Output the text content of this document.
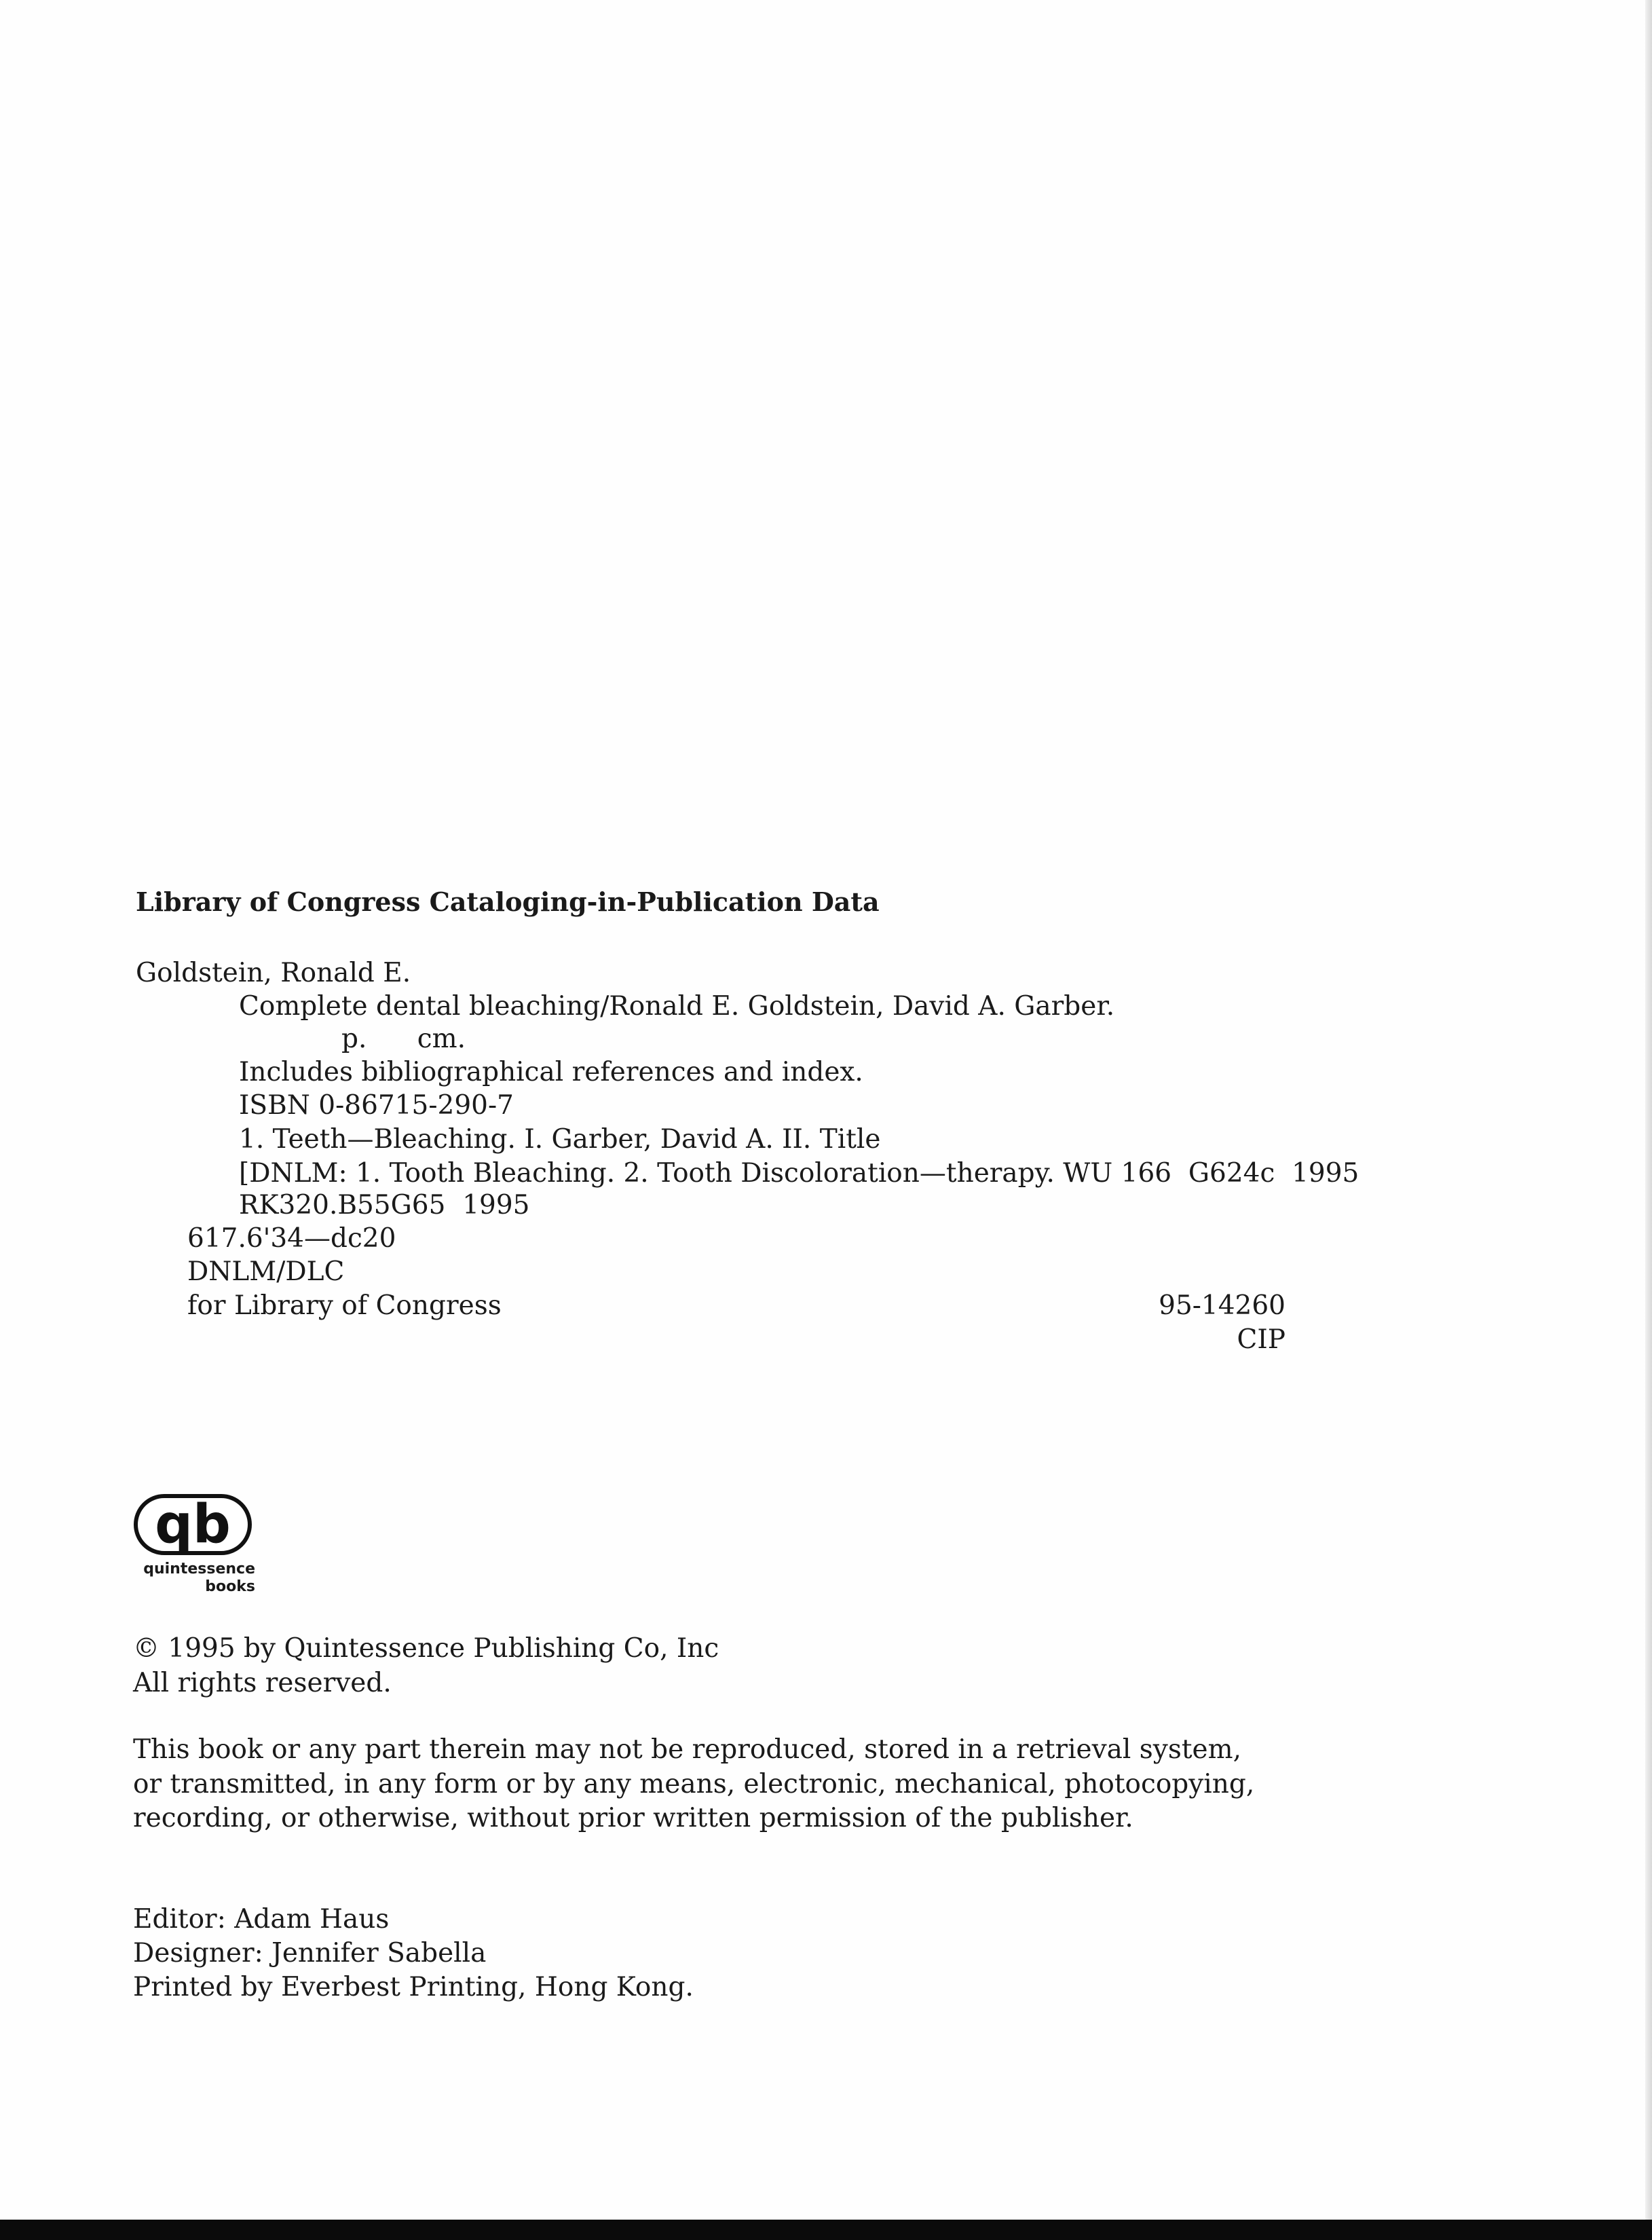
Library of Congress Cataloging-in-Publication Data
Goldstein, Ronald E.
Complete dental bleaching/Ronald E. Goldstein, David A. Garber.
p.      cm.
Includes bibliographical references and index.
ISBN 0-86715-290-7
1. Teeth—Bleaching. I. Garber, David A. II. Title
[DNLM: 1. Tooth Bleaching. 2. Tooth Discoloration—therapy. WU 166  G624c  1995
RK320.B55G65  1995
617.6'34—dc20
DNLM/DLC
for Library of Congress	95-14260
CIP
qb
quintessence
books
© 1995 by Quintessence Publishing Co, Inc
All rights reserved.
This book or any part therein may not be reproduced, stored in a retrieval system,
or transmitted, in any form or by any means, electronic, mechanical, photocopying,
recording, or otherwise, without prior written permission of the publisher.
Editor: Adam Haus
Designer: Jennifer Sabella
Printed by Everbest Printing, Hong Kong.
